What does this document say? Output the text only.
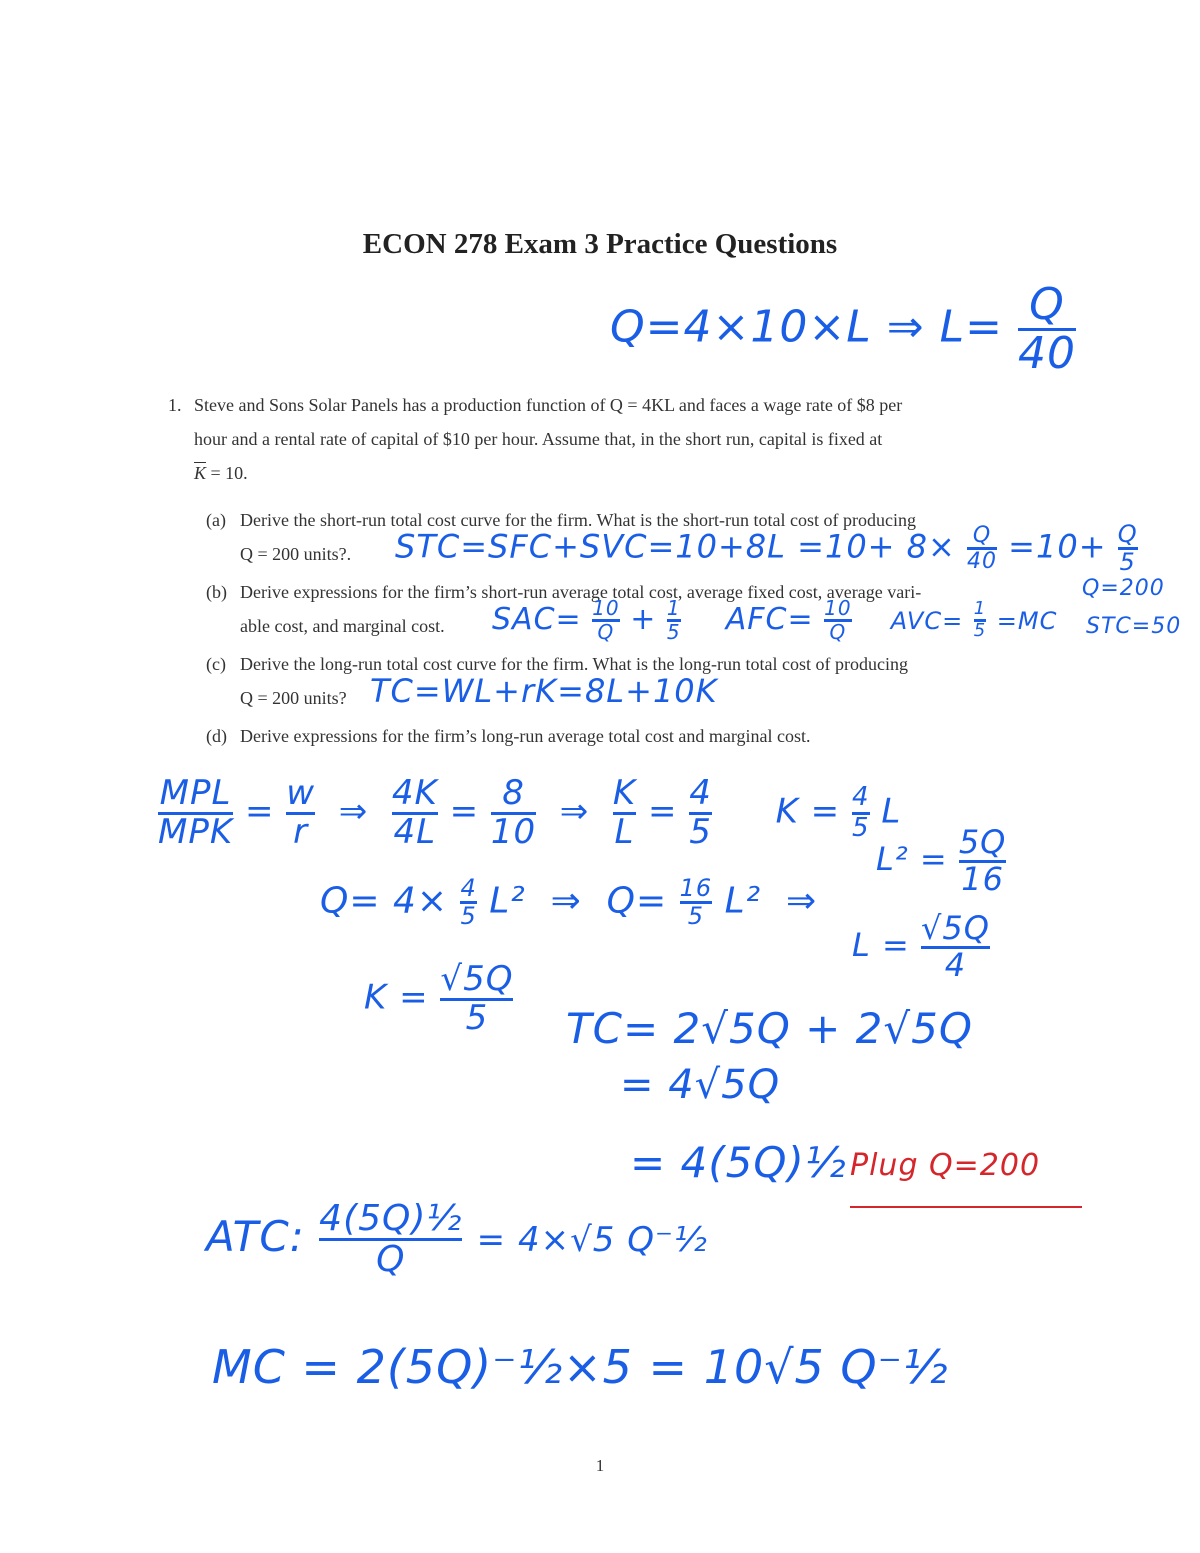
ECON 278 Exam 3 Practice Questions
1. Steve and Sons Solar Panels has a production function of Q = 4KL and faces a wage rate of $8 per
hour and a rental rate of capital of $10 per hour. Assume that, in the short run, capital is fixed at
$\overline{K} = 10$.
(a) Derive the short-run total cost curve for the firm. What is the short-run total cost of producing
Q = 200 units?.
(b) Derive expressions for the firm’s short-run average total cost, average fixed cost, average vari-
able cost, and marginal cost.
(c) Derive the long-run total cost curve for the firm. What is the long-run total cost of producing
Q = 200 units?
(d) Derive expressions for the firm’s long-run average total cost and marginal cost.
Q=4×10×L ⇒ $L= \frac{Q}{40}$
$STC=SFC+SVC=10+8L =10+ 8\times \frac{Q}{40} =10+ \frac{Q}{5}$
Q=200
STC=50
$SAC= \frac{10}{Q} + \frac{1}{5} AFC= \frac{10}{Q} AVC= \frac{1}{5} =MC$
TC=WL+rK=8L+10K
$\frac{\text{MPL}}{\text{MPK}} = \frac{w}{r}$ ⇒ $\frac{4K}{4L} = \frac{8}{10}$ ⇒ $\frac{K}{L} = \frac{4}{5}$ $K = \frac{4}{5}$ L
$L^2 = \frac{5Q}{16}$
$Q= 4\times \frac{4}{5} L^2$  ⇒  $Q= \frac{16}{5} L^2$  ⇒
$L = \frac{√5Q}{4}$
$K = \frac{√5Q}{5} TC= 2√5Q + 2√5Q$
= 4√5Q
= 4(5Q)½ Plug Q=200
ATC: $\frac{\text{4(5Q)½}}{Q} = 4\times√5$ Q⁻½
MC = 2(5Q)⁻½×5 = 10√5 Q⁻½
1
